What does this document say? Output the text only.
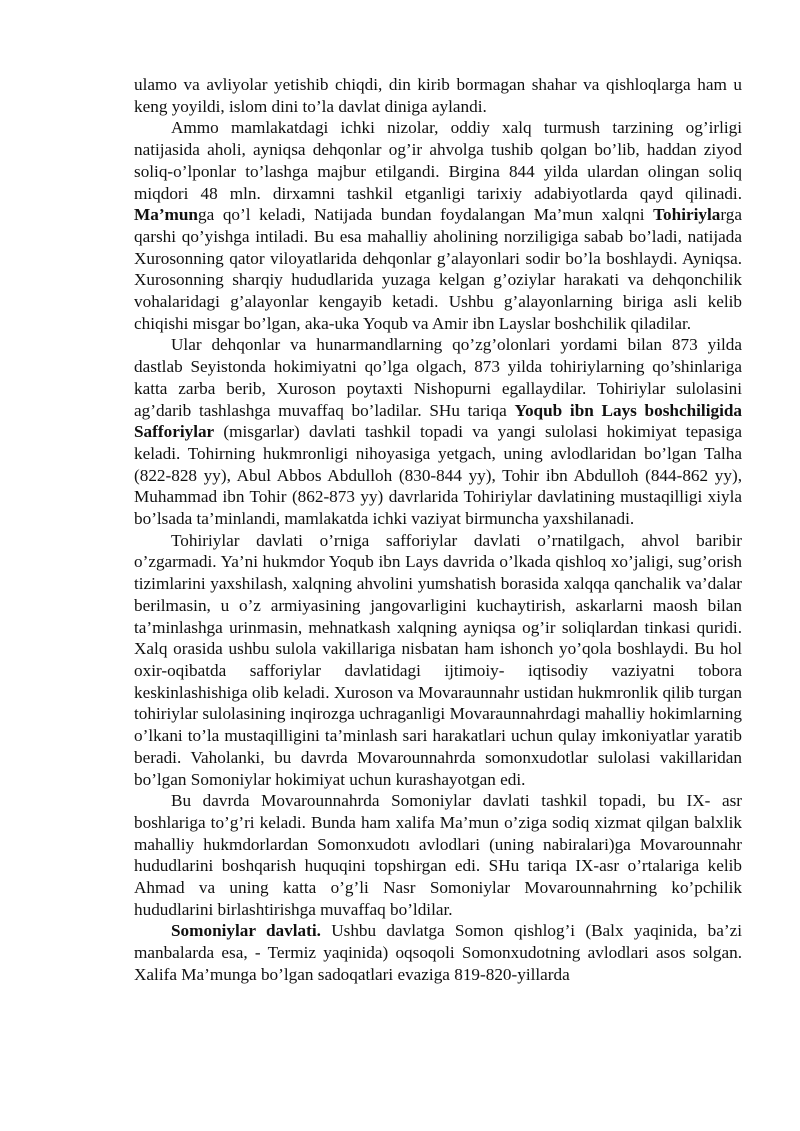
ulamo va avliyolar yetishib chiqdi, din kirib bormagan shahar va qishloqlarga ham u keng yoyildi, islom dini to’la davlat diniga aylandi.

Ammo mamlakatdagi ichki nizolar, oddiy xalq turmush tarzining og’irligi natijasida aholi, ayniqsa dehqonlar og’ir ahvolga tushib qolgan bo’lib, haddan ziyod soliq-o’lponlar to’lashga majbur etilgandi. Birgina 844 yilda ulardan olingan soliq miqdori 48 mln. dirxamni tashkil etganligi tarixiy adabiyotlarda qayd qilinadi. Ma’munga qo’l keladi, Natijada bundan foydalangan Ma’mun xalqni Tohiriylarga qarshi qo’yishga intiladi. Bu esa mahalliy aholining norziligiga sabab bo’ladi, natijada Xurosonning qator viloyatlarida dehqonlar g’alayonlari sodir bo’la boshlaydi. Ayniqsa. Xurosonning sharqiy hududlarida yuzaga kelgan g’oziylar harakati va dehqonchilik vohalaridagi g’alayonlar kengayib ketadi. Ushbu g’alayonlarning biriga asli kelib chiqishi misgar bo’lgan, aka-uka Yoqub va Amir ibn Layslar boshchilik qiladilar.

Ular dehqonlar va hunarmandlarning qo’zg’olonlari yordami bilan 873 yilda dastlab Seyistonda hokimiyatni qo’lga olgach, 873 yilda tohiriylarning qo’shinlariga katta zarba berib, Xuroson poytaxti Nishopurni egallaydilar. Tohiriylar sulolasini ag’darib tashlashga muvaffaq bo’ladilar. SHu tariqa Yoqub ibn Lays boshchiligida Safforiylar (misgarlar) davlati tashkil topadi va yangi sulolasi hokimiyat tepasiga keladi. Tohirning hukmronligi nihoyasiga yetgach, uning avlodlaridan bo’lgan Talha (822-828 yy), Abul Abbos Abdulloh (830-844 yy), Tohir ibn Abdulloh (844-862 yy), Muhammad ibn Tohir (862-873 yy) davrlarida Tohiriylar davlatining mustaqilligi xiyla bo’lsada ta’minlandi, mamlakatda ichki vaziyat birmuncha yaxshilanadi.

Tohiriylar davlati o’rniga safforiylar davlati o’rnatilgach, ahvol baribir o’zgarmadi. Ya’ni hukmdor Yoqub ibn Lays davrida o’lkada qishloq xo’jaligi, sug’orish tizimlarini yaxshilash, xalqning ahvolini yumshatish borasida xalqqa qanchalik va’dalar berilmasin, u o’z armiyasining jangovarligini kuchaytirish, askarlarni maosh bilan ta’minlashga urinmasin, mehnatkash xalqning ayniqsa og’ir soliqlardan tinkasi quridi. Xalq orasida ushbu sulola vakillariga nisbatan ham ishonch yo’qola boshlaydi. Bu hol oxir-oqibatda safforiylar davlatidagi ijtimoiy- iqtisodiy vaziyatni tobora keskinlashishiga olib keladi. Xuroson va Movaraunnahr ustidan hukmronlik qilib turgan tohiriylar sulolasining inqirozga uchraganligi Movaraunnahrdagi mahalliy hokimlarning o’lkani to’la mustaqilligini ta’minlash sari harakatlari uchun qulay imkoniyatlar yaratib beradi. Vaholanki, bu davrda Movarounnahrda somonxudotlar sulolasi vakillaridan bo’lgan Somoniylar hokimiyat uchun kurashayotgan edi.

Bu davrda Movarounnahrda Somoniylar davlati tashkil topadi, bu IX- asr boshlariga to’g’ri keladi. Bunda ham xalifa Ma’mun o’ziga sodiq xizmat qilgan balxlik mahalliy hukmdorlardan Somonxudotı avlodlari (uning nabiralari)ga Movarounnahr hududlarini boshqarish huquqini topshirgan edi. SHu tariqa IX-asr o’rtalariga kelib Ahmad va uning katta o’g’li Nasr Somoniylar Movarounnahrning ko’pchilik hududlarini birlashtirishga muvaffaq bo’ldilar.

Somoniylar davlati. Ushbu davlatga Somon qishlog’i (Balx yaqinida, ba’zi manbalarda esa, - Termiz yaqinida) oqsoqoli Somonxudotning avlodlari asos solgan. Xalifa Ma’munga bo’lgan sadoqatlari evaziga 819-820-yillarda
